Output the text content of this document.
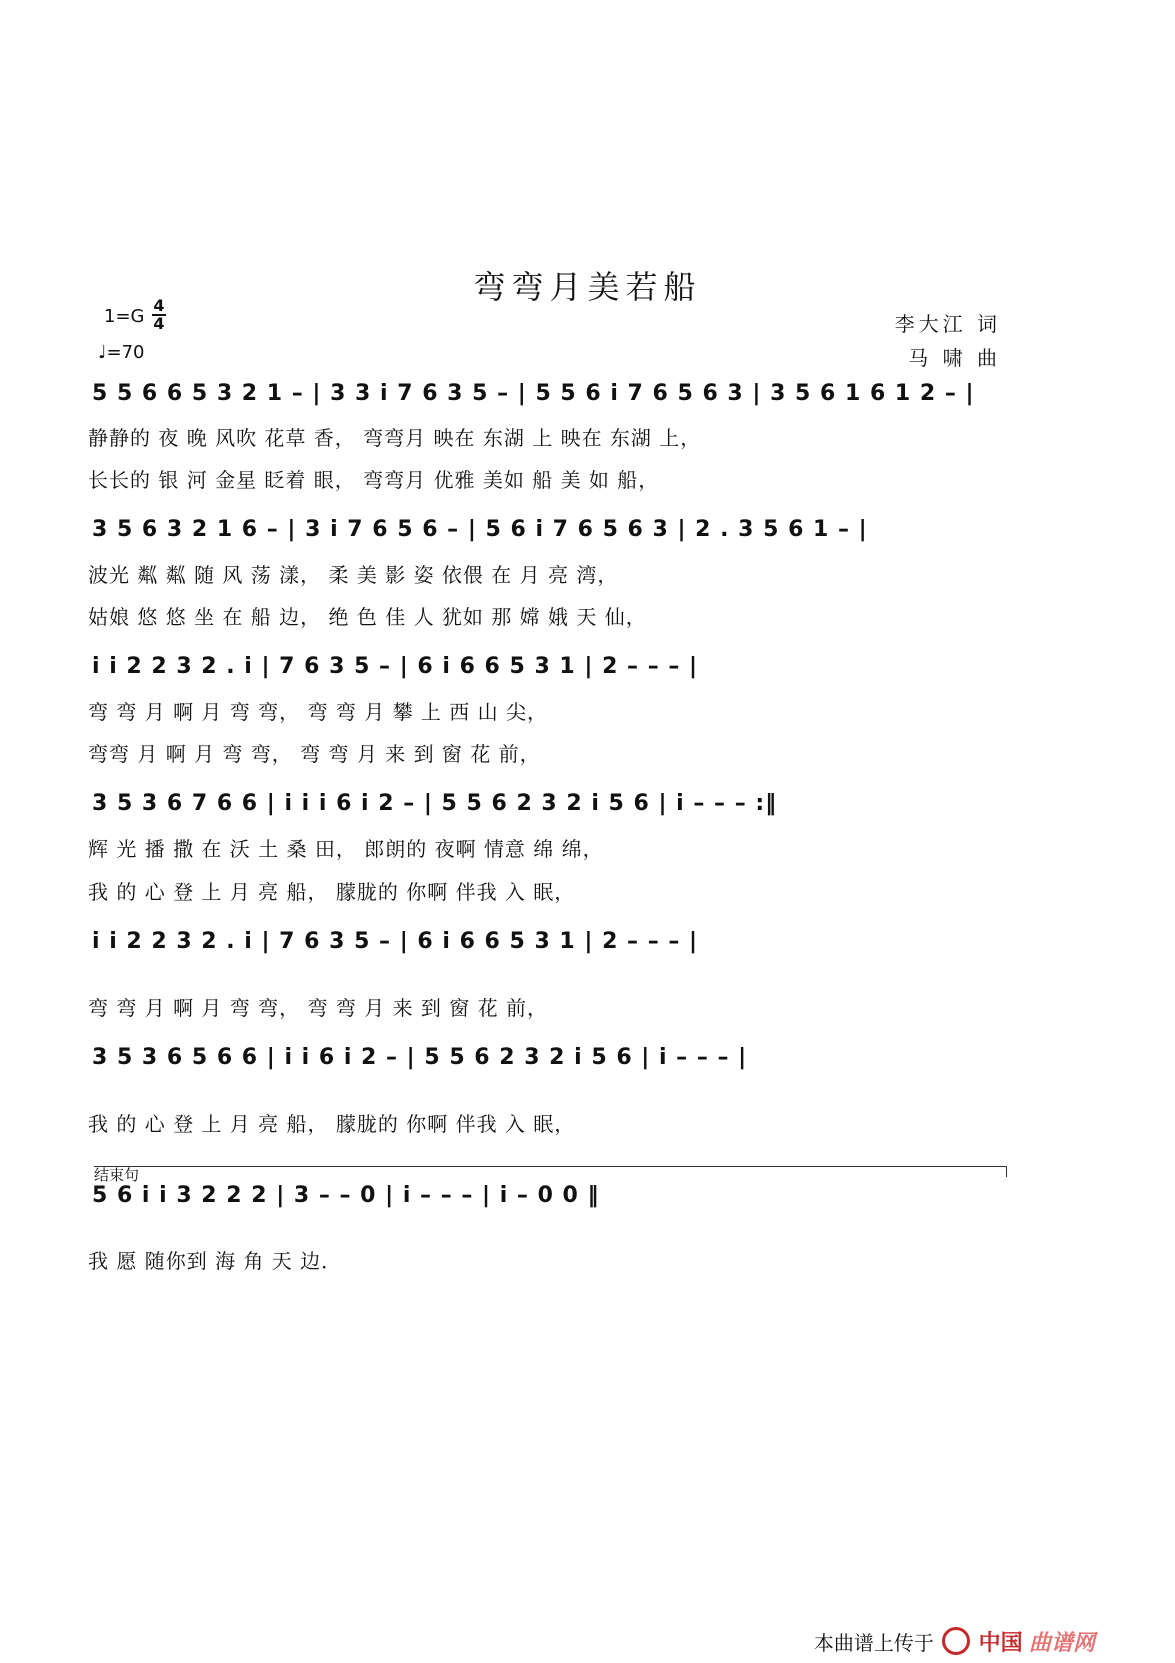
弯弯月美若船
1=G
4
4
♩=70
李大江 词
马 啸 曲
5 5 6 6 5 3 2 1 – | 3 3 i 7 6 3 5 – | 5 5 6 i 7 6 5 6 3 | 3 5 6 1 6 1 2 – |
静静的 夜 晚 风吹 花草 香， 弯弯月 映在 东湖 上 映在 东湖 上，
长长的 银 河 金星 眨着 眼， 弯弯月 优雅 美如 船 美 如 船，
3 5 6 3 2 1 6 – | 3 i 7 6 5 6 – | 5 6 i 7 6 5 6 3 | 2 . 3 5 6 1 – |
波光 粼 粼 随 风 荡 漾， 柔 美 影 姿 依偎 在 月 亮 湾，
姑娘 悠 悠 坐 在 船 边， 绝 色 佳 人 犹如 那 嫦 娥 天 仙，
i i 2 2 3 2 . i | 7 6 3 5 – | 6 i 6 6 5 3 1 | 2 – – – |
弯 弯 月 啊 月 弯 弯， 弯 弯 月 攀 上 西 山 尖，
弯弯 月 啊 月 弯 弯， 弯 弯 月 来 到 窗 花 前，
3 5 3 6 7 6 6 | i i i 6 i 2 – | 5 5 6 2 3 2 i 5 6 | i – – – :‖
辉 光 播 撒 在 沃 土 桑 田， 郎朗的 夜啊 情意 绵 绵，
我 的 心 登 上 月 亮 船， 朦胧的 你啊 伴我 入 眠，
i i 2 2 3 2 . i | 7 6 3 5 – | 6 i 6 6 5 3 1 | 2 – – – |
弯 弯 月 啊 月 弯 弯， 弯 弯 月 来 到 窗 花 前，
3 5 3 6 5 6 6 | i i 6 i 2 – | 5 5 6 2 3 2 i 5 6 | i – – – |
我 的 心 登 上 月 亮 船， 朦胧的 你啊 伴我 入 眠，
结束句
5 6 i i 3 2 2 2 | 3 – – 0 | i – – – | i – 0 0 ‖
我 愿 随你到 海 角 天 边．
本曲谱上传于 中国 曲谱网
